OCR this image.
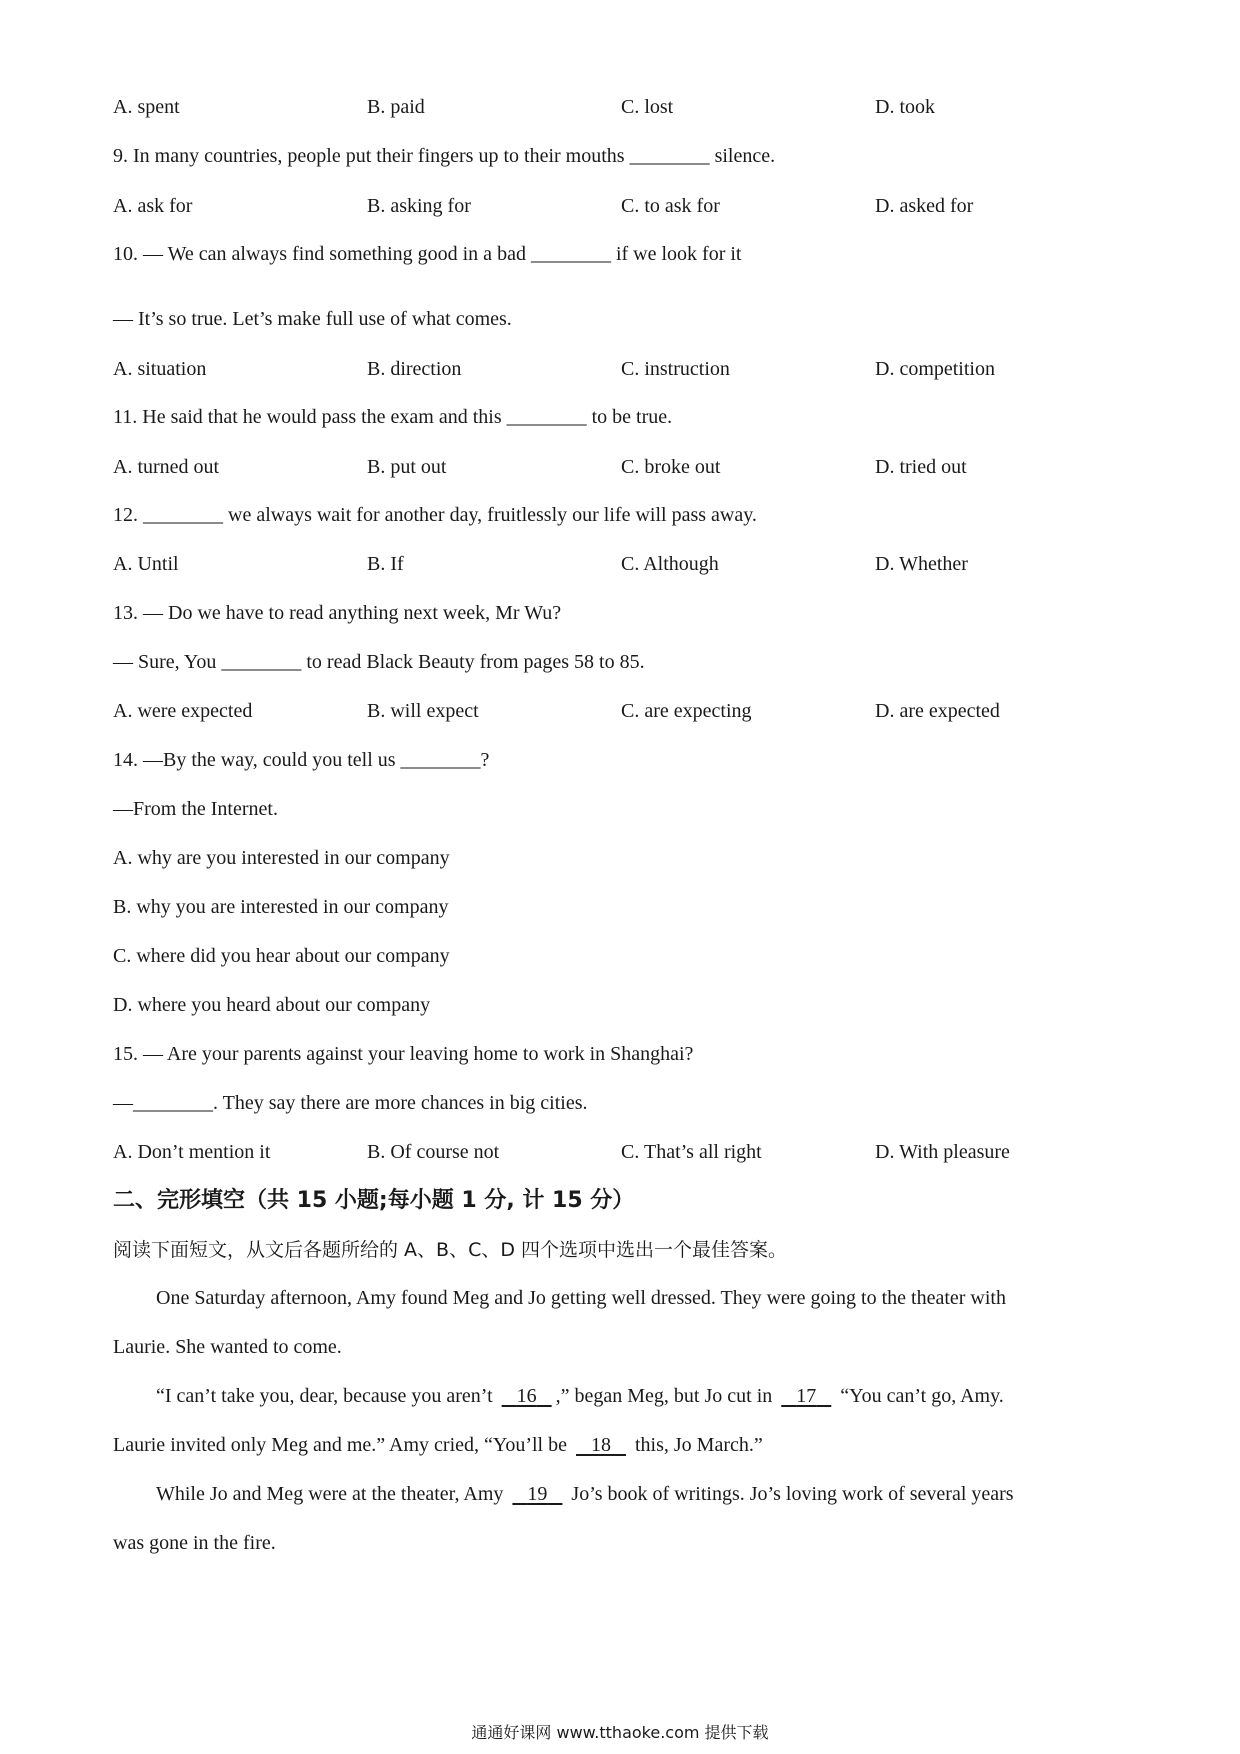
A. spent	B. paid	C. lost	D. took
9. In many countries, people put their fingers up to their mouths ________ silence.
A. ask for	B. asking for	C. to ask for	D. asked for
10. — We can always find something good in a bad ________ if we look for it
— It’s so true. Let’s make full use of what comes.
A. situation	B. direction	C. instruction	D. competition
11. He said that he would pass the exam and this ________ to be true.
A. turned out	B. put out	C. broke out	D. tried out
12. ________ we always wait for another day, fruitlessly our life will pass away.
A. Until	B. If	C. Although	D. Whether
13. — Do we have to read anything next week, Mr Wu?
— Sure, You ________ to read Black Beauty from pages 58 to 85.
A. were expected	B. will expect	C. are expecting	D. are expected
14. —By the way, could you tell us ________?
—From the Internet.
A. why are you interested in our company
B. why you are interested in our company
C. where did you hear about our company
D. where you heard about our company
15. — Are your parents against your leaving home to work in Shanghai?
—________. They say there are more chances in big cities.
A. Don’t mention it	B. Of course not	C. That’s all right	D. With pleasure
二、完形填空（共 15 小题;每小题 1 分, 计 15 分）
阅读下面短文，从文后各题所给的 A、B、C、D 四个选项中选出一个最佳答案。
One Saturday afternoon, Amy found Meg and Jo getting well dressed. They were going to the theater with
Laurie. She wanted to come.
“I can’t take you, dear, because you aren’t    16 ,” began Meg, but Jo cut in    17    “You can’t go, Amy.
Laurie invited only Meg and me.” Amy cried, “You’ll be    18    this, Jo March.”
While Jo and Meg were at the theater, Amy    19    Jo’s book of writings. Jo’s loving work of several years
was gone in the fire.
通通好课网 www.tthaoke.com 提供下载
